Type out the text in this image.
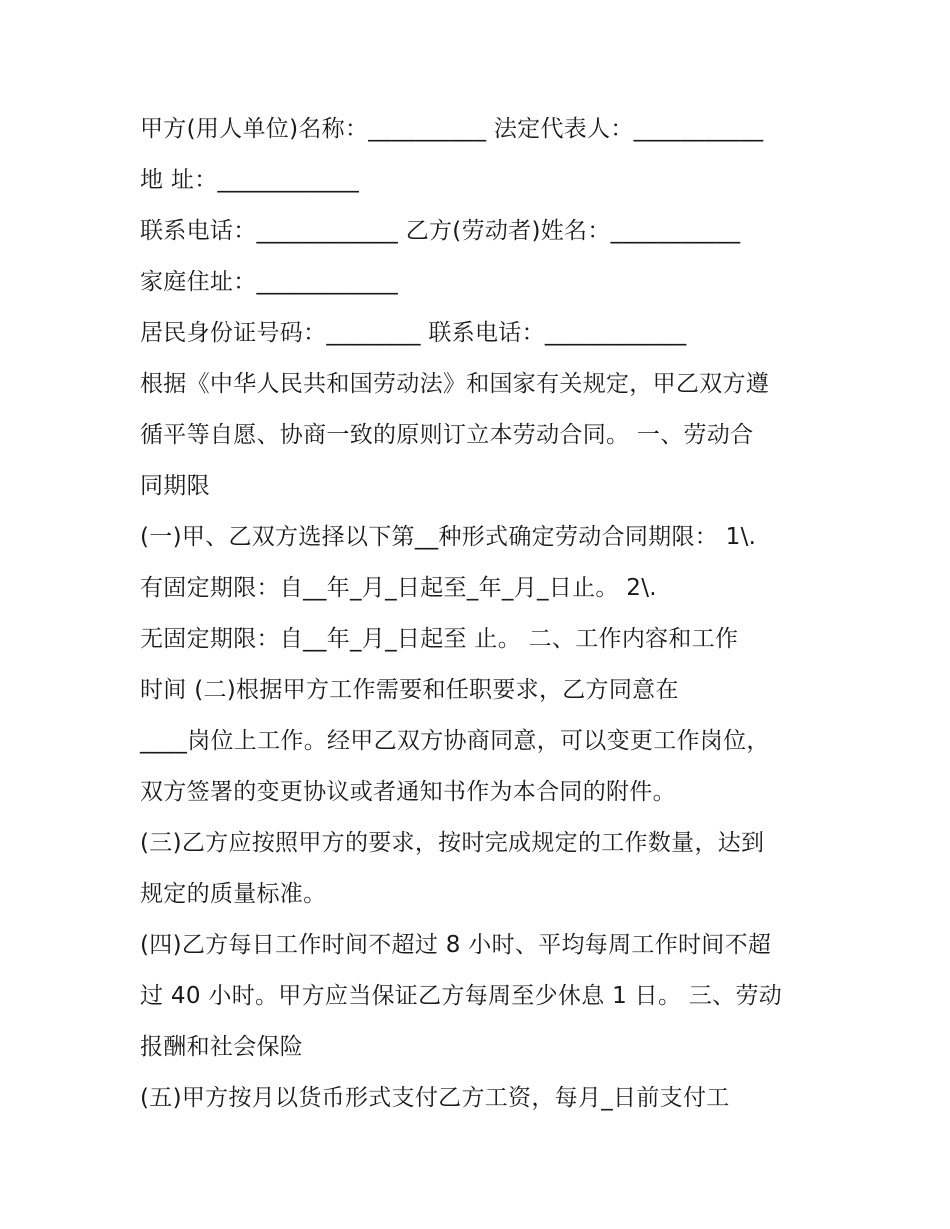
甲方(用人单位)名称：__________ 法定代表人：___________
地 址：____________
联系电话：____________ 乙方(劳动者)姓名：___________
家庭住址：____________
居民身份证号码：________ 联系电话：____________
根据《中华人民共和国劳动法》和国家有关规定，甲乙双方遵
循平等自愿、协商一致的原则订立本劳动合同。 一、劳动合
同期限
(一)甲、乙双方选择以下第__种形式确定劳动合同期限： 1\.
有固定期限：自__年_月_日起至_年_月_日止。 2\.
无固定期限：自__年_月_日起至 止。 二、工作内容和工作
时间 (二)根据甲方工作需要和任职要求，乙方同意在
____岗位上工作。经甲乙双方协商同意，可以变更工作岗位，
双方签署的变更协议或者通知书作为本合同的附件。
(三)乙方应按照甲方的要求，按时完成规定的工作数量，达到
规定的质量标准。
(四)乙方每日工作时间不超过 8 小时、平均每周工作时间不超
过 40 小时。甲方应当保证乙方每周至少休息 1 日。 三、劳动
报酬和社会保险
(五)甲方按月以货币形式支付乙方工资，每月_日前支付工
